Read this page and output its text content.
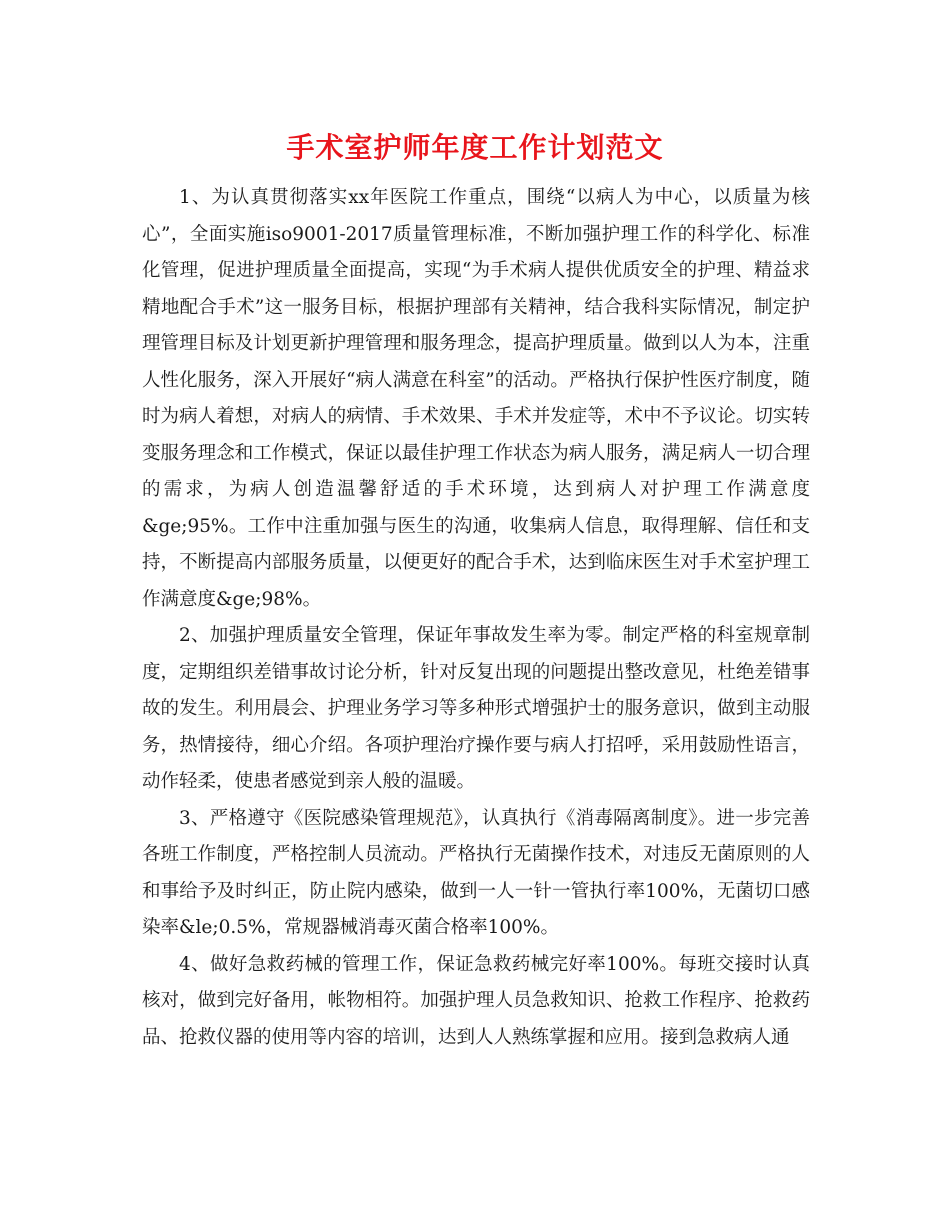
手术室护师年度工作计划范文

1、为认真贯彻落实xx年医院工作重点，围绕“以病人为中心，以质量为核心”，全面实施iso9001-2017质量管理标准，不断加强护理工作的科学化、标准化管理，促进护理质量全面提高，实现“为手术病人提供优质安全的护理、精益求精地配合手术”这一服务目标，根据护理部有关精神，结合我科实际情况，制定护理管理目标及计划更新护理管理和服务理念，提高护理质量。做到以人为本，注重人性化服务，深入开展好“病人满意在科室”的活动。严格执行保护性医疗制度，随时为病人着想，对病人的病情、手术效果、手术并发症等，术中不予议论。切实转变服务理念和工作模式，保证以最佳护理工作状态为病人服务，满足病人一切合理的需求，为病人创造温馨舒适的手术环境，达到病人对护理工作满意度&ge;95%。工作中注重加强与医生的沟通，收集病人信息，取得理解、信任和支持，不断提高内部服务质量，以便更好的配合手术，达到临床医生对手术室护理工作满意度&ge;98%。

2、加强护理质量安全管理，保证年事故发生率为零。制定严格的科室规章制度，定期组织差错事故讨论分析，针对反复出现的问题提出整改意见，杜绝差错事故的发生。利用晨会、护理业务学习等多种形式增强护士的服务意识，做到主动服务，热情接待，细心介绍。各项护理治疗操作要与病人打招呼，采用鼓励性语言，动作轻柔，使患者感觉到亲人般的温暖。

3、严格遵守《医院感染管理规范》，认真执行《消毒隔离制度》。进一步完善各班工作制度，严格控制人员流动。严格执行无菌操作技术，对违反无菌原则的人和事给予及时纠正，防止院内感染，做到一人一针一管执行率100%，无菌切口感染率&le;0.5%，常规器械消毒灭菌合格率100%。

4、做好急救药械的管理工作，保证急救药械完好率100%。每班交接时认真核对，做到完好备用，帐物相符。加强护理人员急救知识、抢救工作程序、抢救药品、抢救仪器的使用等内容的培训，达到人人熟练掌握和应用。接到急救病人通
